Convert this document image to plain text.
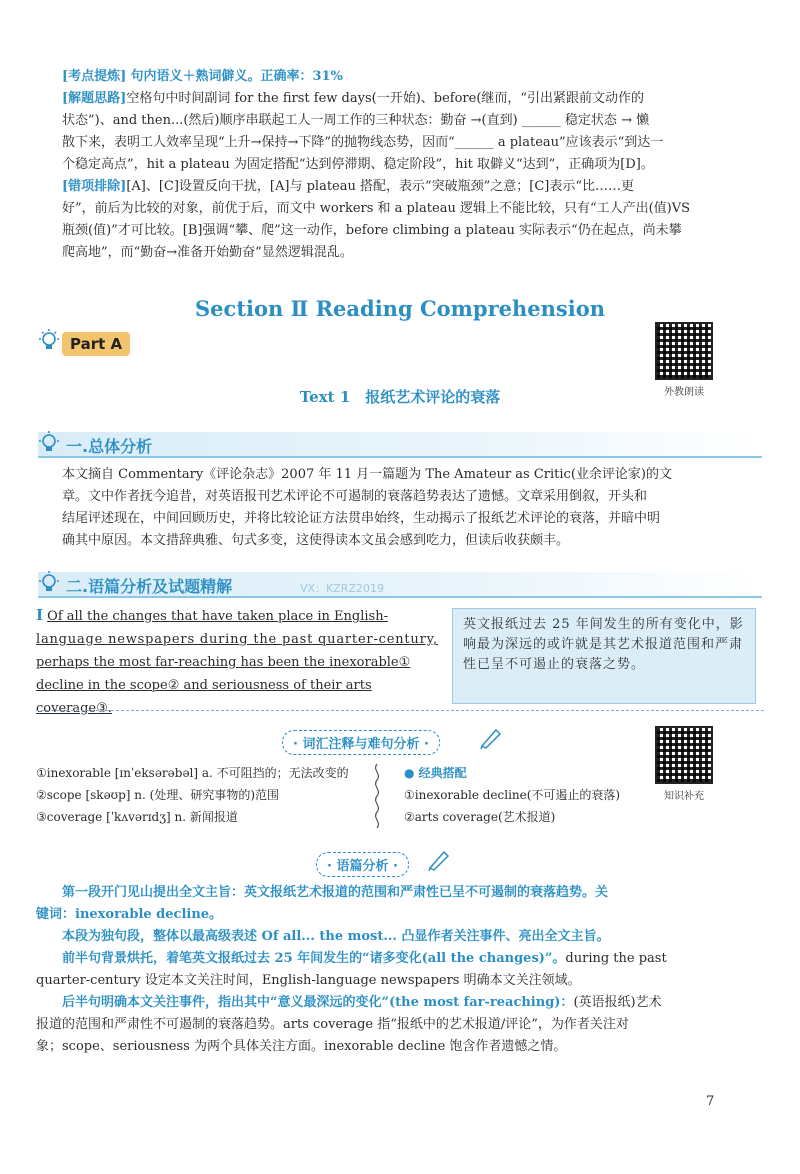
[考点提炼] 句内语义＋熟词僻义。正确率：31%
[解题思路]空格句中时间副词 for the first few days(一开始)、before(继而，“引出紧跟前文动作的
状态”)、and then...(然后)顺序串联起工人一周工作的三种状态：勤奋 →(直到) ______ 稳定状态 → 懒
散下来，表明工人效率呈现“上升→保持→下降”的抛物线态势，因而“______ a plateau”应该表示“到达一
个稳定高点”，hit a plateau 为固定搭配“达到停滞期、稳定阶段”，hit 取僻义“达到”，正确项为[D]。
[错项排除][A]、[C]设置反向干扰，[A]与 plateau 搭配，表示“突破瓶颈”之意；[C]表示“比……更
好”，前后为比较的对象，前优于后，而文中 workers 和 a plateau 逻辑上不能比较，只有“工人产出(值)VS
瓶颈(值)”才可比较。[B]强调“攀、爬”这一动作，before climbing a plateau 实际表示“仍在起点，尚未攀
爬高地”，而“勤奋→准备开始勤奋”显然逻辑混乱。
Section Ⅱ Reading Comprehension
Part A
外教朗读
Text 1　报纸艺术评论的衰落
一.总体分析
本文摘自 Commentary《评论杂志》2007 年 11 月一篇题为 The Amateur as Critic(业余评论家)的文
章。文中作者抚今追昔，对英语报刊艺术评论不可遏制的衰落趋势表达了遗憾。文章采用倒叙，开头和
结尾评述现在，中间回顾历史，并将比较论证方法贯串始终，生动揭示了报纸艺术评论的衰落，并暗中明
确其中原因。本文措辞典雅、句式多变，这使得读本文虽会感到吃力，但读后收获颇丰。
二.语篇分析及试题精解	VX：KZRZ2019
Ⅰ Of all the changes that have taken place in English-
language newspapers during the past quarter-century,
perhaps the most far-reaching has been the inexorable①
decline in the scope② and seriousness of their arts coverage③.
英文报纸过去 25 年间发生的所有变化中，影响最为深远的或许就是其艺术报道范围和严肃性已呈不可遏止的衰落之势。
· 词汇注释与难句分析 ·
知识补充
①inexorable [ɪnˈeksərəbəl] a. 不可阻挡的；无法改变的
②scope [skəʊp] n. (处理、研究事物的)范围
③coverage [ˈkʌvərɪdʒ] n. 新闻报道
● 经典搭配
①inexorable decline(不可遏止的衰落)
②arts coverage(艺术报道)
· 语篇分析 ·
第一段开门见山提出全文主旨：英文报纸艺术报道的范围和严肃性已呈不可遏制的衰落趋势。关
键词：inexorable decline。
本段为独句段，整体以最高级表述 Of all... the most... 凸显作者关注事件、亮出全文主旨。
前半句背景烘托，着笔英文报纸过去 25 年间发生的“诸多变化(all the changes)”。during the past
quarter-century 设定本文关注时间，English-language newspapers 明确本文关注领域。
后半句明确本文关注事件，指出其中“意义最深远的变化”(the most far-reaching)：(英语报纸)艺术
报道的范围和严肃性不可遏制的衰落趋势。arts coverage 指“报纸中的艺术报道/评论”，为作者关注对
象；scope、seriousness 为两个具体关注方面。inexorable decline 饱含作者遗憾之情。
7
